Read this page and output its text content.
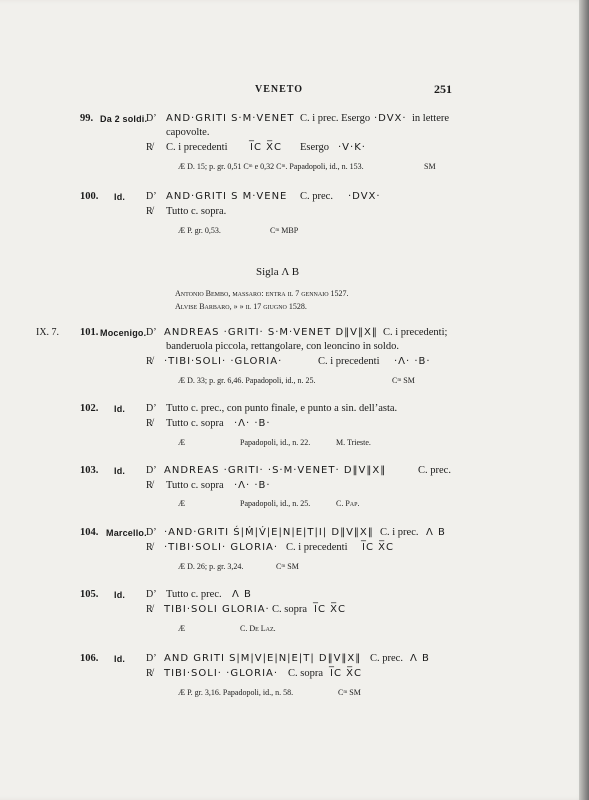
VENETO	251
99. Da 2 soldi.
D’ AND·GRITI S·M·VENET C. i prec. Esergo ·DVX· in lettere
capovolte.
R̸ C. i precedenti I̅C X̅C Esergo ·V·K·
Æ D. 15; p. gr. 0,51 Cᵐ e 0,32 Cᵐ. Papadopoli, id., n. 153.	SM
100. Id. D’ AND·GRITI S M·VENE C. prec. ·DVX·
R̸ Tutto c. sopra.
Æ P. gr. 0,53.	Cᵐ MBP
Sigla Λ B
Antonio Bembo, massaro: entra il 7 gennaio 1527.
Alvise Barbaro, » » il 17 giugno 1528.
IX. 7. 101. Mocenigo. D’ ANDREAS ·GRITI· S·M·VENET D‖V‖X‖ C. i precedenti;
banderuola piccola, rettangolare, con leoncino in soldo.
R̸ ·TIBI·SOLI· ·GLORIA·	C. i precedenti ·Λ· ·B·
Æ D. 33; p. gr. 6,46. Papadopoli, id., n. 25.	Cᵐ SM
102. Id. D’ Tutto c. prec., con punto finale, e punto a sin. dell’asta.
R̸ Tutto c. sopra ·Λ· ·B·
Æ	Papadopoli, id., n. 22.	M. Trieste.
103. Id. D’ ANDREAS ·GRITI· ·S·M·VENET· D‖V‖X‖	C. prec.
R̸ Tutto c. sopra ·Λ· ·B·
Æ	Papadopoli, id., n. 25.	C. Pap.
104. Marcello. D’ ·AND·GRITI Ś|Ḿ|V́|E|N|E|T|I| D‖V‖X‖ C. i prec. Λ B
R̸ ·TIBI·SOLI· GLORIA· C. i precedenti I̅C X̅C
Æ D. 26; p. gr. 3,24.	Cᵐ SM
105. Id. D’ Tutto c. prec. Λ B
R̸ TIBI·SOLI GLORIA· C. sopra I̅C X̅C
Æ	C. De Laz.
106. Id. D’ AND GRITI S|M|V|E|N|E|T| D‖V‖X‖ C. prec. Λ B
R̸ TIBI·SOLI· ·GLORIA· C. sopra I̅C X̅C
Æ P. gr. 3,16. Papadopoli, id., n. 58.	Cᵐ SM
